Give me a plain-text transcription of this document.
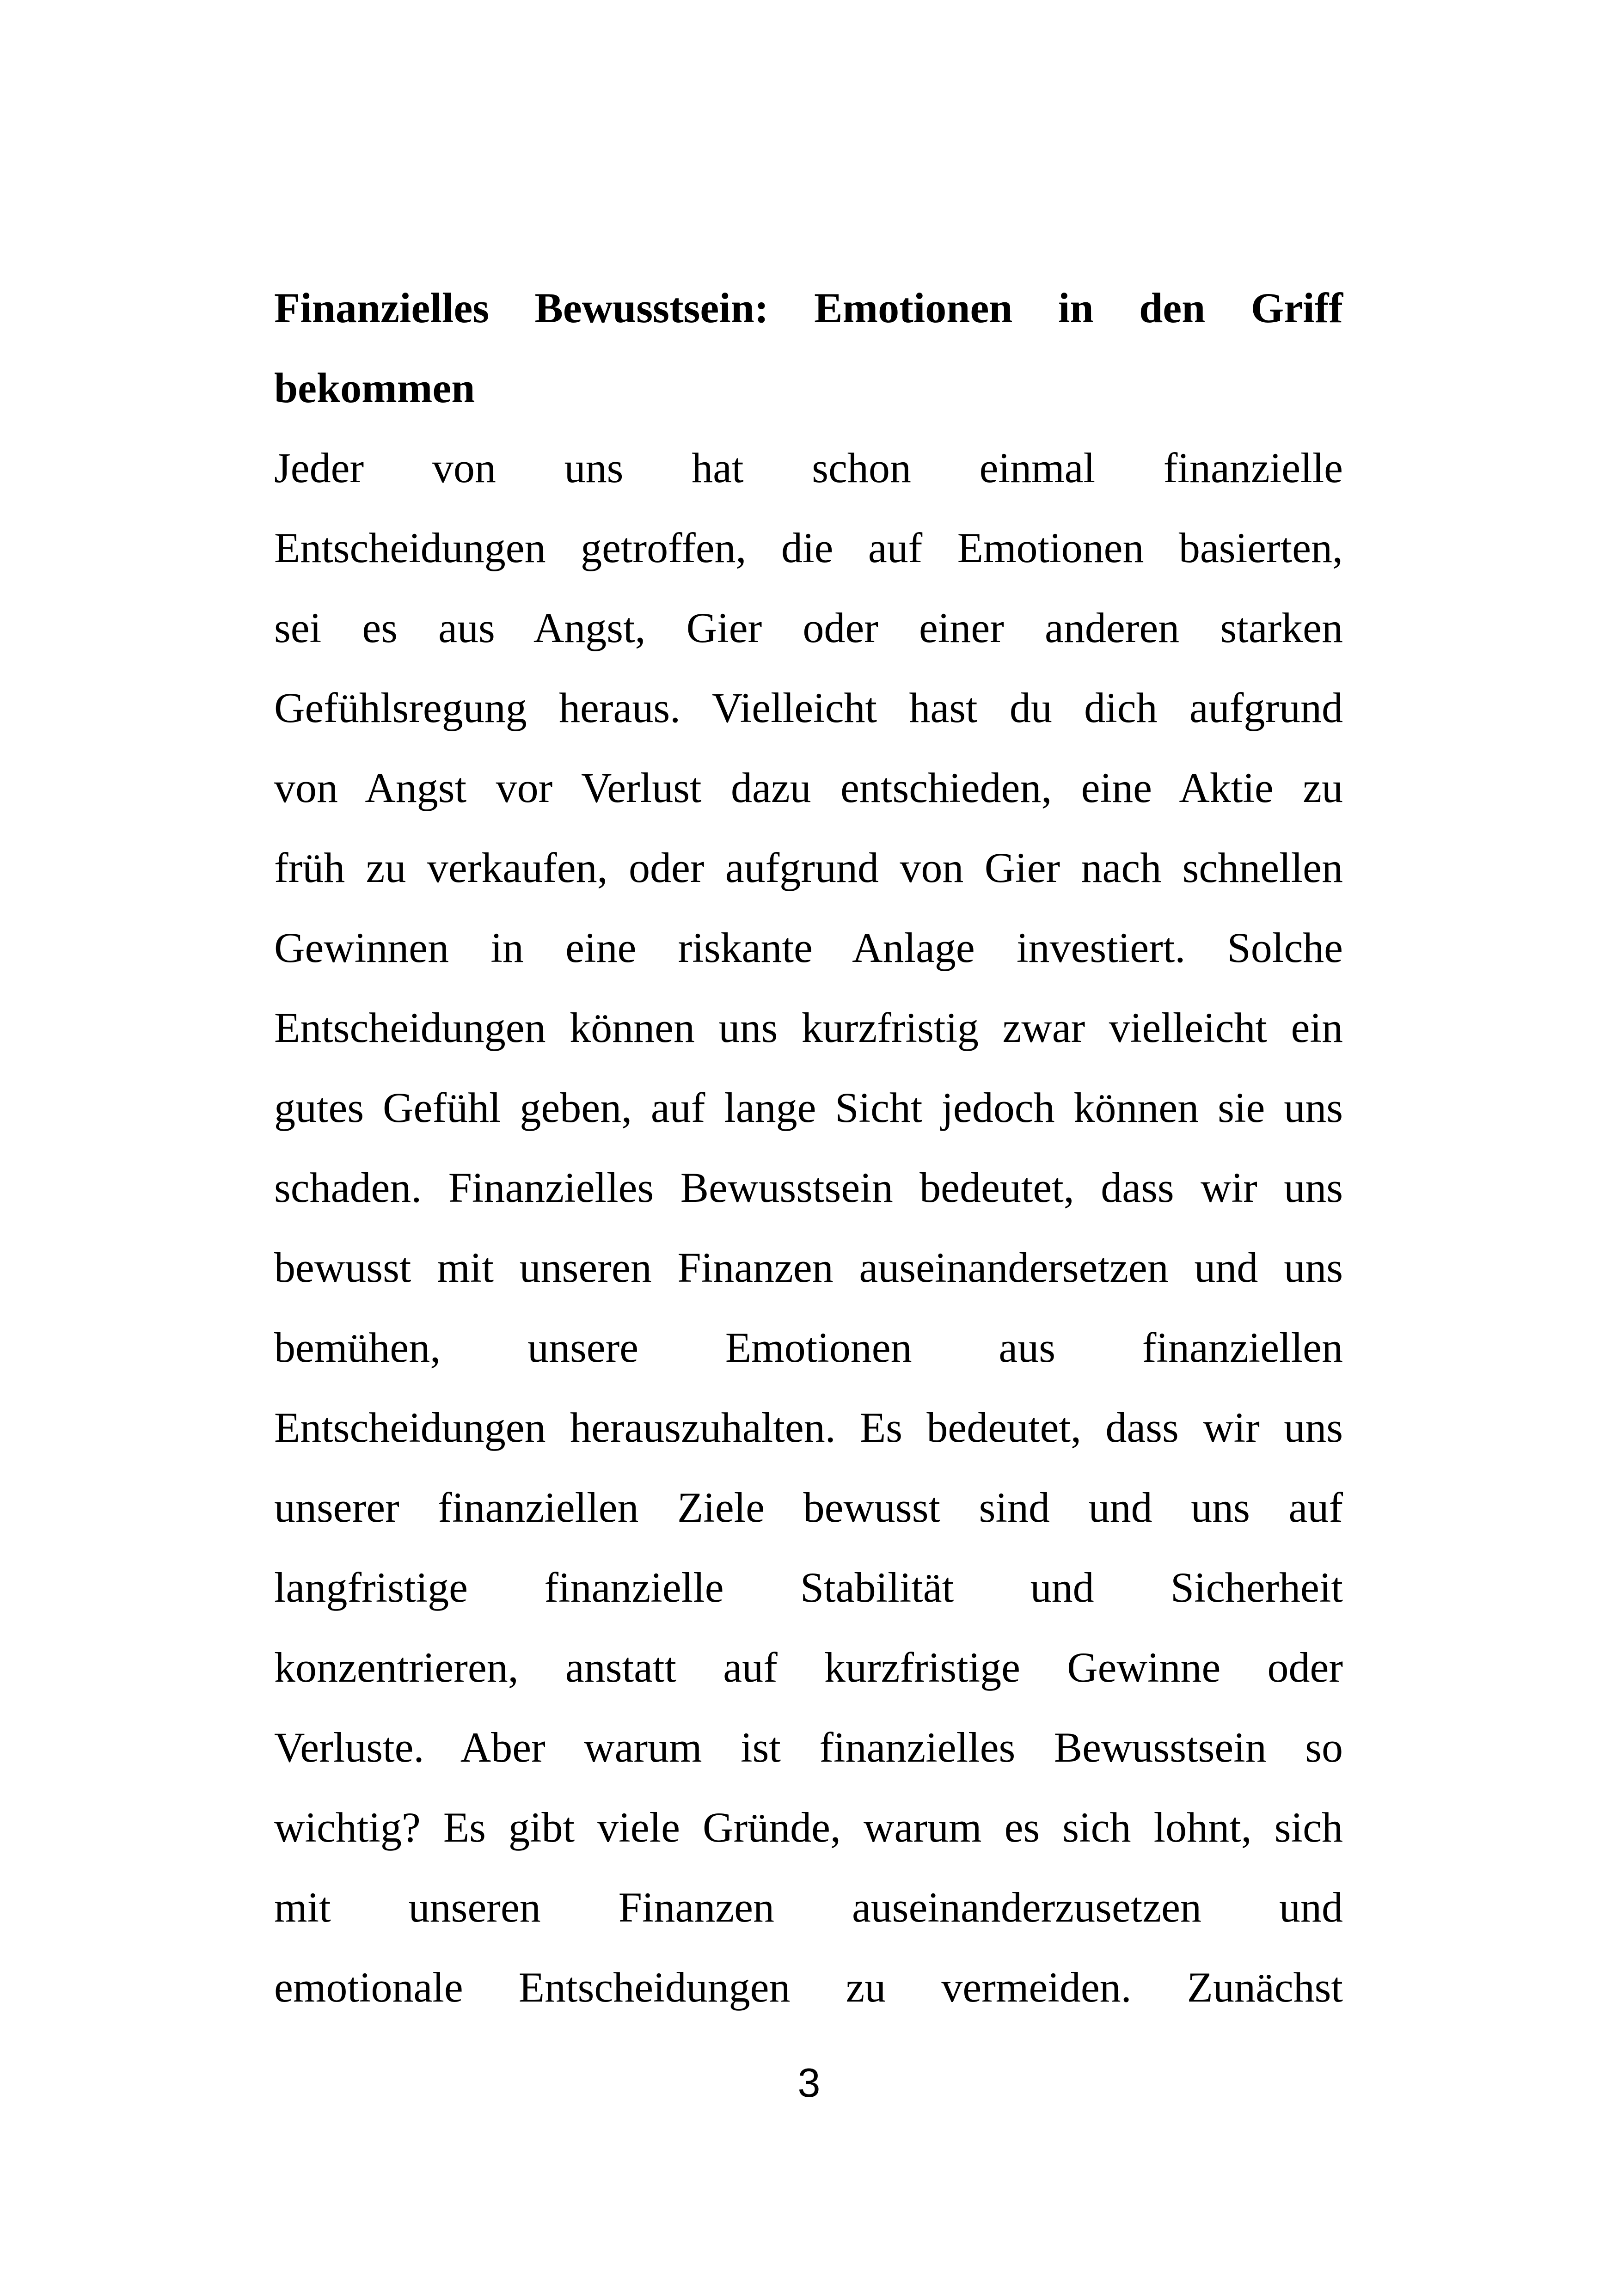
Finanzielles Bewusstsein: Emotionen in den Griff
bekommen
Jeder von uns hat schon einmal finanzielle
Entscheidungen getroffen, die auf Emotionen basierten,
sei es aus Angst, Gier oder einer anderen starken
Gefühlsregung heraus. Vielleicht hast du dich aufgrund
von Angst vor Verlust dazu entschieden, eine Aktie zu
früh zu verkaufen, oder aufgrund von Gier nach schnellen
Gewinnen in eine riskante Anlage investiert. Solche
Entscheidungen können uns kurzfristig zwar vielleicht ein
gutes Gefühl geben, auf lange Sicht jedoch können sie uns
schaden. Finanzielles Bewusstsein bedeutet, dass wir uns
bewusst mit unseren Finanzen auseinandersetzen und uns
bemühen, unsere Emotionen aus finanziellen
Entscheidungen herauszuhalten. Es bedeutet, dass wir uns
unserer finanziellen Ziele bewusst sind und uns auf
langfristige finanzielle Stabilität und Sicherheit
konzentrieren, anstatt auf kurzfristige Gewinne oder
Verluste. Aber warum ist finanzielles Bewusstsein so
wichtig? Es gibt viele Gründe, warum es sich lohnt, sich
mit unseren Finanzen auseinanderzusetzen und
emotionale Entscheidungen zu vermeiden. Zunächst
3
